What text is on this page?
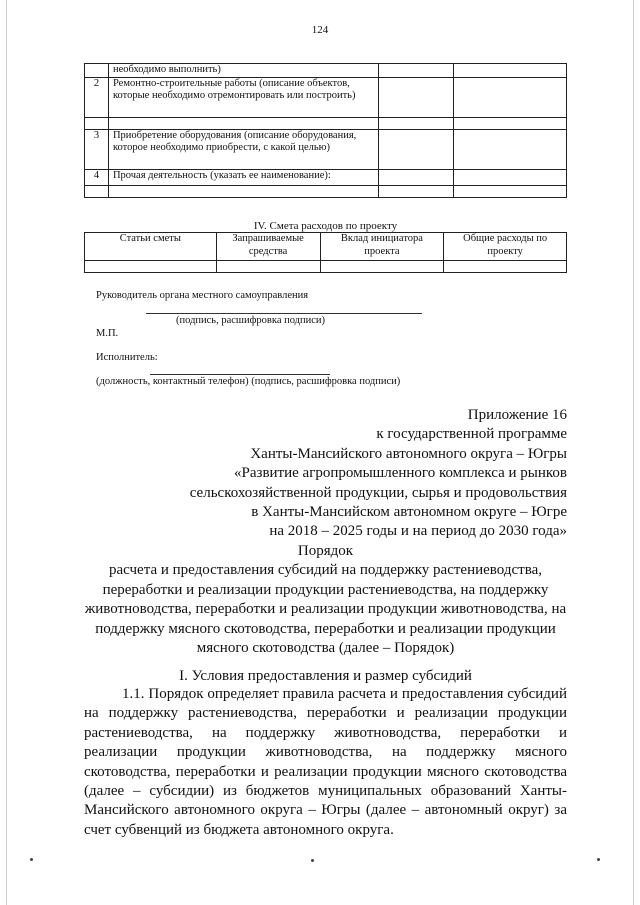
124
	необходимо выполнить)		
2	Ремонтно-строительные работы (описание объектов, которые необходимо отремонтировать или построить)		

3	Приобретение оборудования (описание оборудования, которое необходимо приобрести, с какой целью)		
4	Прочая деятельность (указать ее наименование):		

IV. Смета расходов по проекту
Статьи сметы	Запрашиваемые средства	Вклад инициатора проекта	Общие расходы по проекту

Руководитель органа местного самоуправления
(подпись, расшифровка подписи)
М.П.
Исполнитель:
(должность, контактный телефон) (подпись, расшифровка подписи)
Приложение 16
к государственной программе
Ханты-Мансийского автономного округа – Югры
«Развитие агропромышленного комплекса и рынков
сельскохозяйственной продукции, сырья и продовольствия
в Ханты-Мансийском автономном округе – Югре
на 2018 – 2025 годы и на период до 2030 года»
Порядок
расчета и предоставления субсидий на поддержку растениеводства,
переработки и реализации продукции растениеводства, на поддержку
животноводства, переработки и реализации продукции животноводства, на
поддержку мясного скотоводства, переработки и реализации продукции
мясного скотоводства (далее – Порядок)
I. Условия предоставления и размер субсидий
1.1. Порядок определяет правила расчета и предоставления субсидий на поддержку растениеводства, переработки и реализации продукции растениеводства, на поддержку животноводства, переработки и реализации продукции животноводства, на поддержку мясного скотоводства, переработки и реализации продукции мясного скотоводства (далее – субсидии) из бюджетов муниципальных образований Ханты-Мансийского автономного округа – Югры (далее – автономный округ) за счет субвенций из бюджета автономного округа.
